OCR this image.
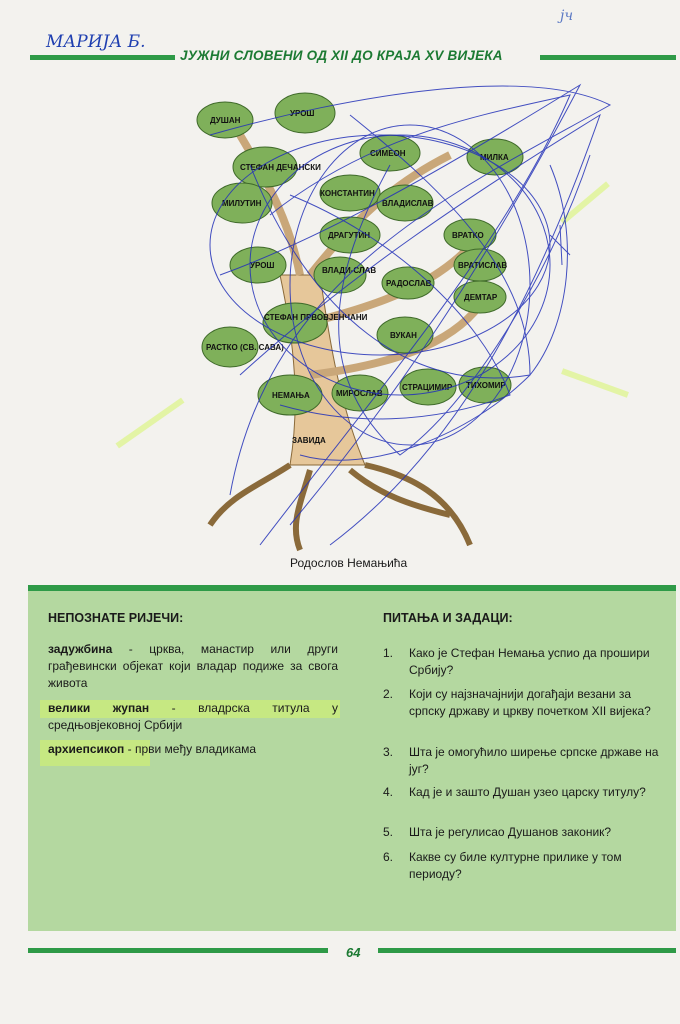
МАРИЈА Б.
јч
ЈУЖНИ СЛОВЕНИ ОД XII ДО КРАЈА XV ВИЈЕКА
ДУШАН
УРОШ
СИМЕОН	МИЛКА
СТЕФАН ДЕЧАНСКИ
КОНСТАНТИН
МИЛУТИН	ВЛАДИСЛАВ
ДРАГУТИН	ВРАТКО
УРОШ
ВЛАДИ-СЛАВ
ВРАТИСЛАВ
РАДОСЛАВ
ДЕМТАР
СТЕФАН ПРВОВЈЕНЧАНИ
РАСТКО (СВ. САВА)
ВУКАН
НЕМАЊА	МИРОСЛАВ
СТРАЦИМИР ТИХОМИР
ЗАВИДА
Родослов Немањића
НЕПОЗНАТЕ РИЈЕЧИ:	ПИТАЊА И ЗАДАЦИ:
задужбина - црква, манастир или други грађевински објекат који владар подиже за свога живота
велики жупан - владрска титула у средњовјековној Србији
архиепсикоп - први међу владикама
1. Како је Стефан Немања успио да прошири Србију?
2. Који су најзначајнији догађаји везани за српску државу и цркву почетком XII вијека?
3. Шта је омогућило ширење српске државе на југ?
4. Кад је и зашто Душан узео царску титулу?
5. Шта је регулисао Душанов законик?
6. Какве су биле културне прилике у том периоду?
64
